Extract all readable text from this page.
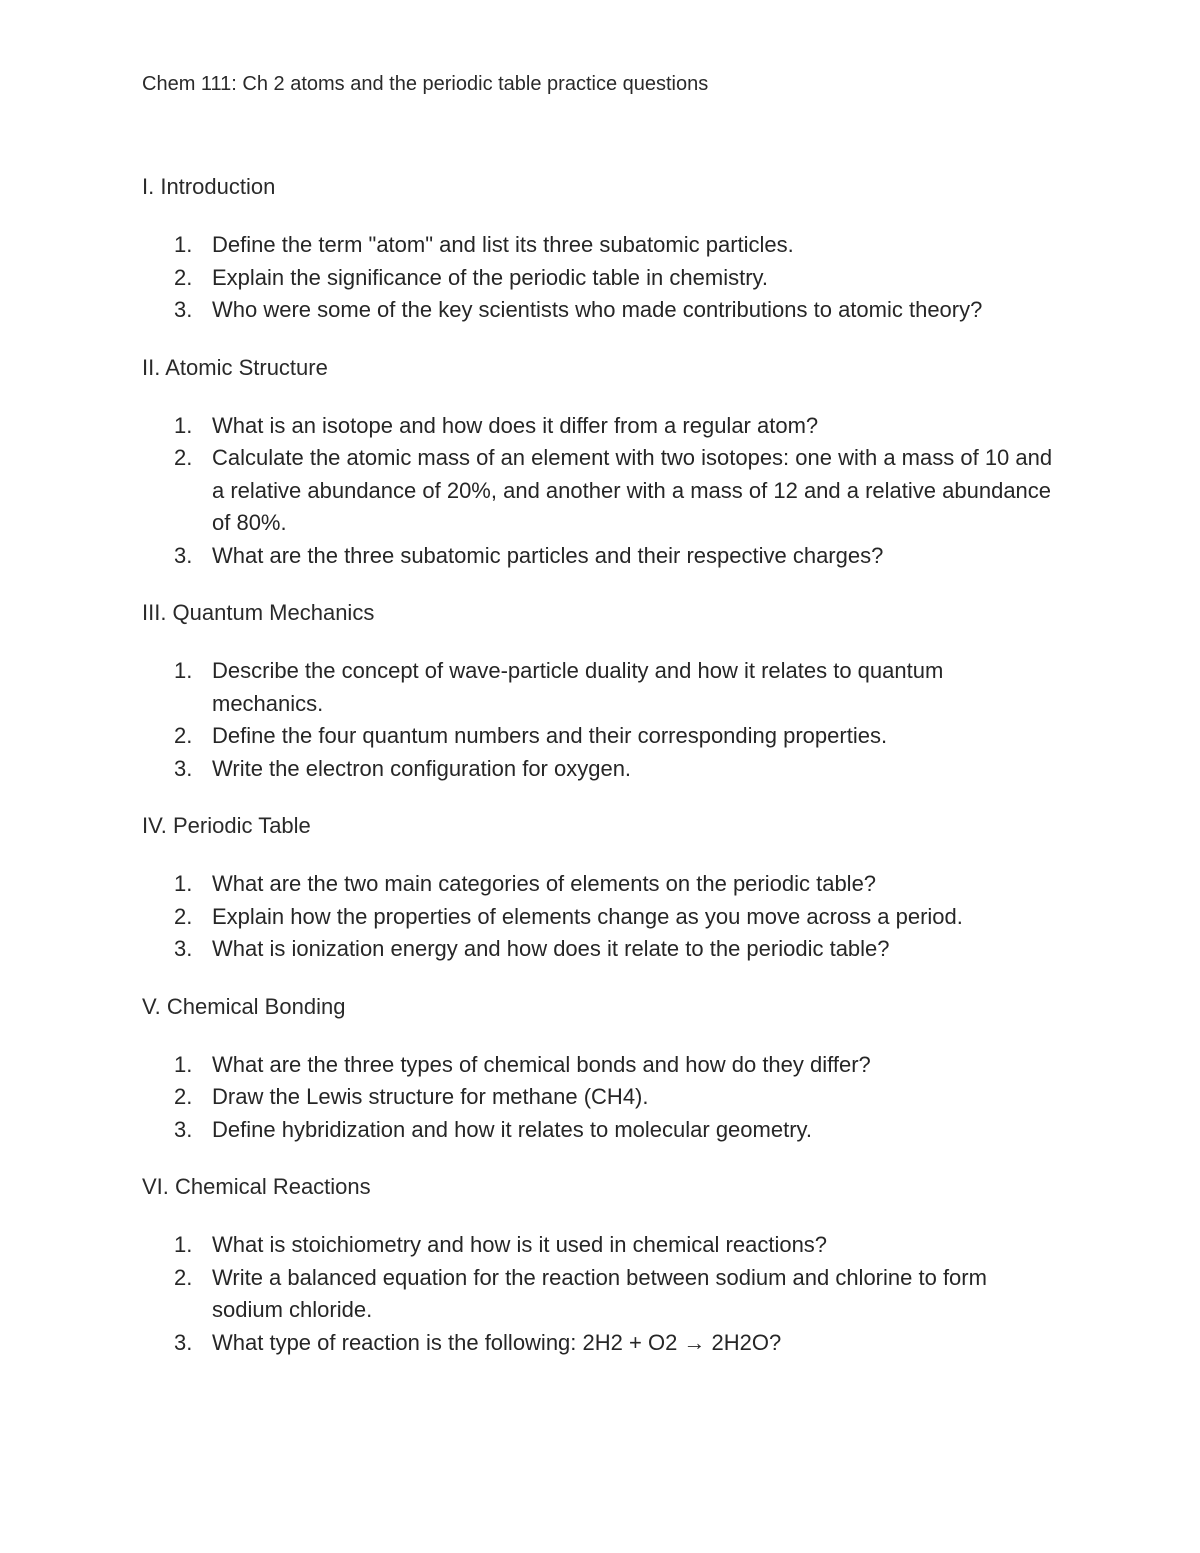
Chem 111: Ch 2 atoms and the periodic table practice questions
I. Introduction
1. Define the term "atom" and list its three subatomic particles.
2. Explain the significance of the periodic table in chemistry.
3. Who were some of the key scientists who made contributions to atomic theory?
II. Atomic Structure
1. What is an isotope and how does it differ from a regular atom?
2. Calculate the atomic mass of an element with two isotopes: one with a mass of 10 and a relative abundance of 20%, and another with a mass of 12 and a relative abundance of 80%.
3. What are the three subatomic particles and their respective charges?
III. Quantum Mechanics
1. Describe the concept of wave-particle duality and how it relates to quantum mechanics.
2. Define the four quantum numbers and their corresponding properties.
3. Write the electron configuration for oxygen.
IV. Periodic Table
1. What are the two main categories of elements on the periodic table?
2. Explain how the properties of elements change as you move across a period.
3. What is ionization energy and how does it relate to the periodic table?
V. Chemical Bonding
1. What are the three types of chemical bonds and how do they differ?
2. Draw the Lewis structure for methane (CH4).
3. Define hybridization and how it relates to molecular geometry.
VI. Chemical Reactions
1. What is stoichiometry and how is it used in chemical reactions?
2. Write a balanced equation for the reaction between sodium and chlorine to form sodium chloride.
3. What type of reaction is the following: 2H2 + O2 → 2H2O?
